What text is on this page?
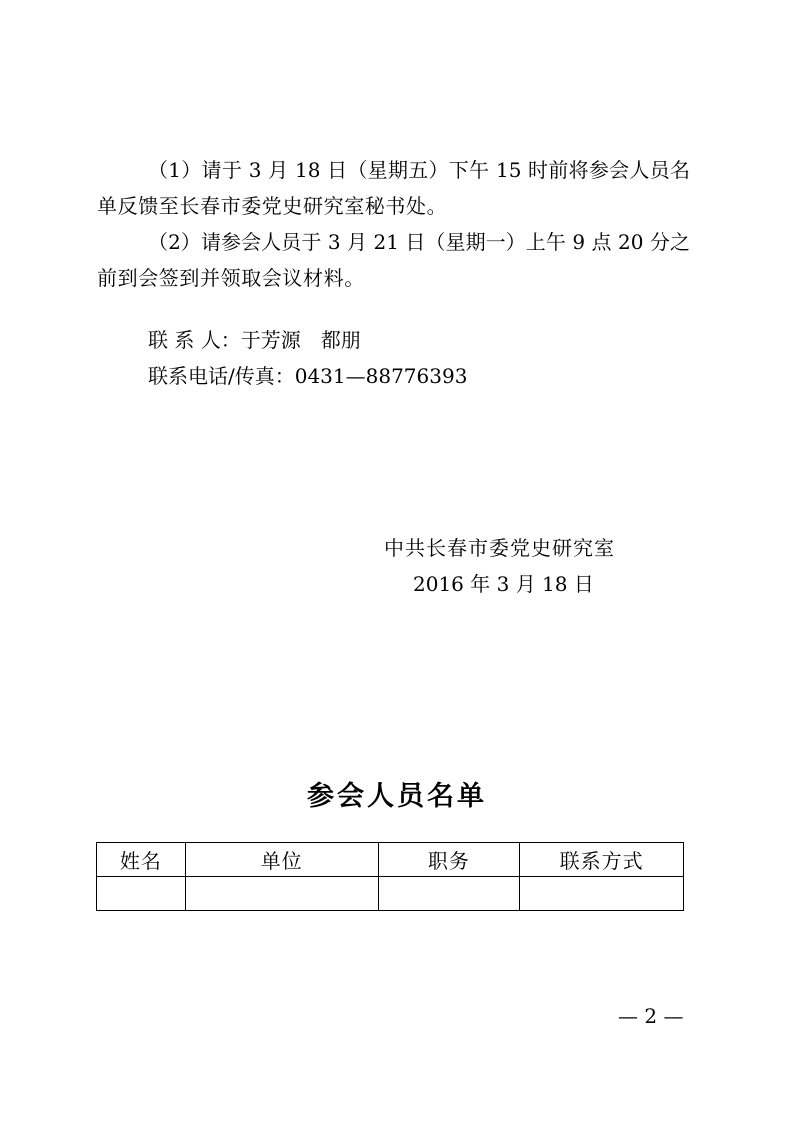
（1）请于 3 月 18 日（星期五）下午 15 时前将参会人员名
单反馈至长春市委党史研究室秘书处。
（2）请参会人员于 3 月 21 日（星期一）上午 9 点 20 分之
前到会签到并领取会议材料。
联 系 人：于芳源　都朋
联系电话/传真：0431—88776393
中共长春市委党史研究室
2016 年 3 月 18 日
参会人员名单
姓名	单位	职务	联系方式

— 2 —
